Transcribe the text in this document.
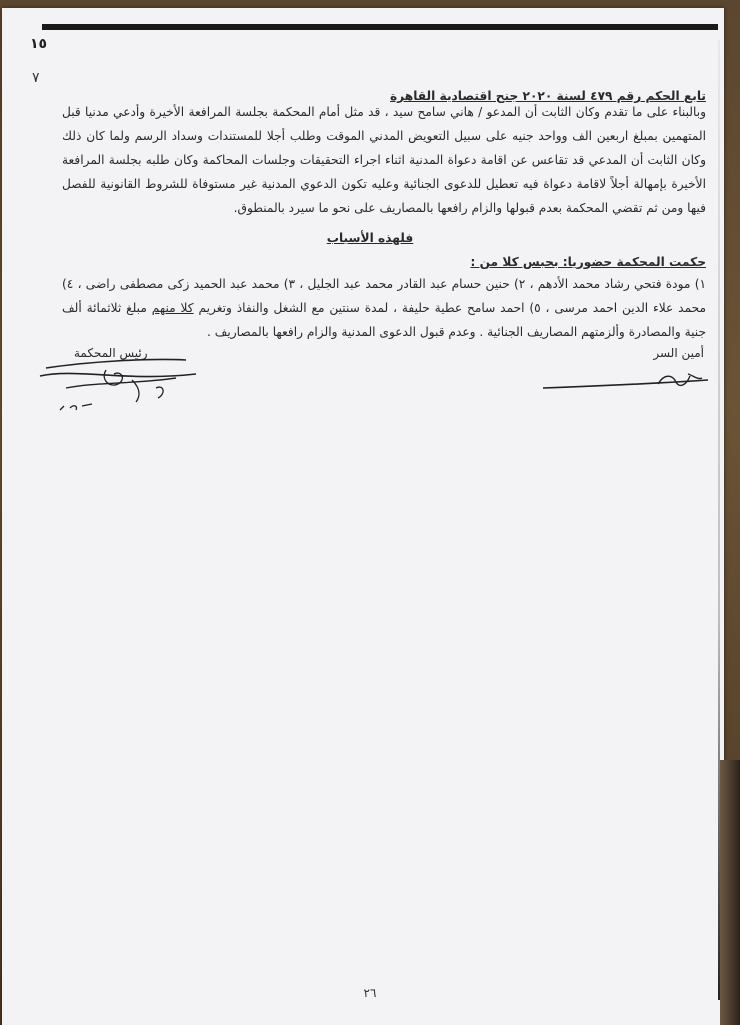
١٥
٧
تابع الحكم رقم ٤٧٩ لسنة ٢٠٢٠ جنح اقتصادية القاهرة
وبالبناء على ما تقدم وكان الثابت أن المدعو / هاني سامح سيد ، قد مثل أمام المحكمة بجلسة المرافعة الأخيرة وأدعي مدنيا قبل المتهمين بمبلغ اربعين الف وواحد جنيه على سبيل التعويض المدني الموقت وطلب أجلا للمستندات وسداد الرسم ولما كان ذلك وكان الثابت أن المدعي قد تقاعس عن اقامة دعواة المدنية اثناء اجراء التحقيقات وجلسات المحاكمة وكان طلبه بجلسة المرافعة الأخيرة بإمهالة أجلاً لاقامة دعواة فيه تعطيل للدعوى الجنائية وعليه تكون الدعوي المدنية غير مستوفاة للشروط القانونية للفصل فيها ومن ثم تقضي المحكمة بعدم قبولها والزام رافعها بالمصاريف على نحو ما سيرد بالمنطوق.
فلهذه الأسباب
حكمت المحكمة حضوريا: بحبس كلا من :
١) مودة فتحي رشاد محمد الأدهم ، ٢) حنين حسام عبد القادر محمد عبد الجليل ، ٣) محمد عبد الحميد زكى مصطفى راضى ، ٤) محمد علاء الدين احمد مرسى ، ٥) احمد سامح عطية حليفة ، لمدة سنتين مع الشغل والنفاذ وتغريم كلا منهم مبلغ ثلاثمائة ألف جنية والمصادرة وألزمتهم المصاريف الجنائية . وعدم قبول الدعوى المدنية والزام رافعها بالمصاريف .
أمين السر
رئيس المحكمة
٢٦
